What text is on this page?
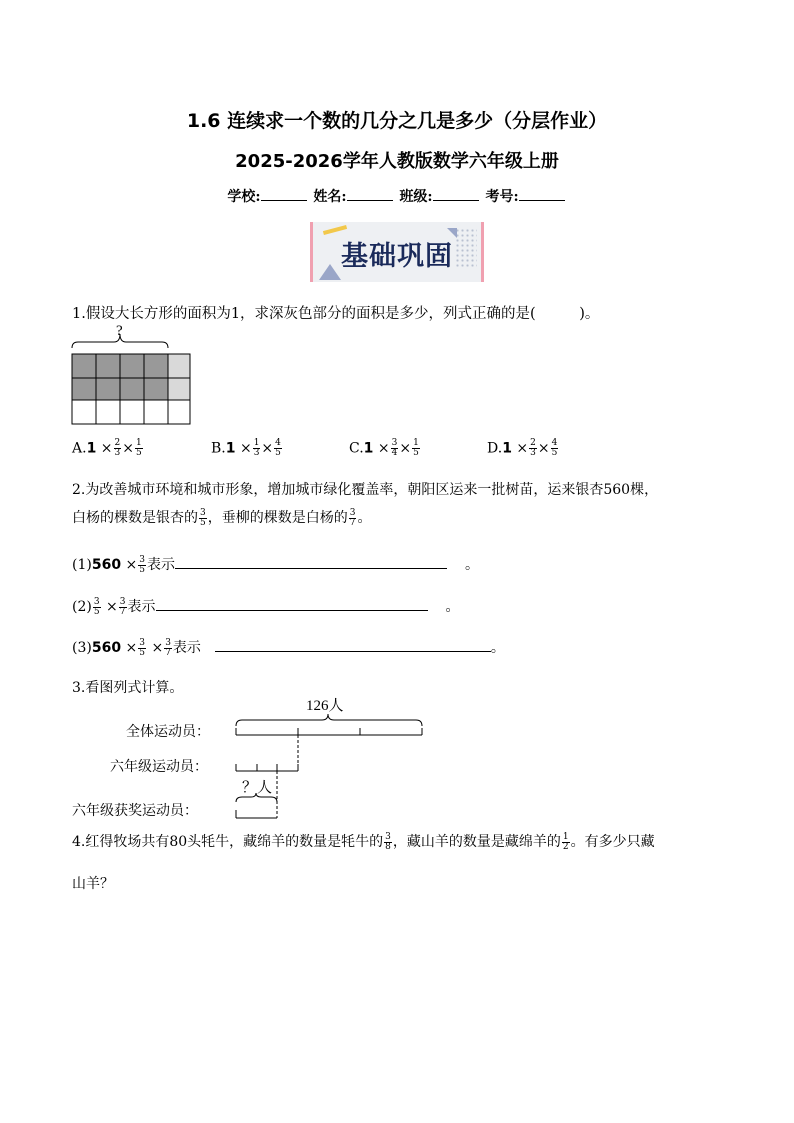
1.6 连续求一个数的几分之几是多少（分层作业）
2025-2026学年人教版数学六年级上册
学校:	姓名:	班级:	考号:
基础巩固
1.假设大长方形的面积为1，求深灰色部分的面积是多少，列式正确的是(　　　)。
?
$A.1 \times \frac{2}{3} \times \frac{1}{5}$	$B.1 \times \frac{1}{3} \times \frac{4}{5}$	$C.1 \times \frac{3}{4} \times \frac{1}{5}$	$D.1 \times \frac{2}{3} \times \frac{4}{5}$
2.为改善城市环境和城市形象，增加城市绿化覆盖率，朝阳区运来一批树苗，运来银杏560棵，
白杨的棵数是银杏的 $\frac{3}{5}$ ，垂柳的棵数是白杨的 $\frac{3}{7}$ 。
$(1)560 \times \frac{3}{5}$ 表示	。
$(2) \frac{3}{5} \times \frac{3}{7}$ 表示	。
$(3)560 \times \frac{3}{5} \times \frac{3}{7}$ 表示	。
3.看图列式计算。
全体运动员：
六年级运动员：
六年级获奖运动员：
126人
？人
4.红得牧场共有80头牦牛，藏绵羊的数量是牦牛的 $\frac{3}{8}$ ，藏山羊的数量是藏绵羊的 $\frac{1}{2}$ 。有多少只藏
山羊？
